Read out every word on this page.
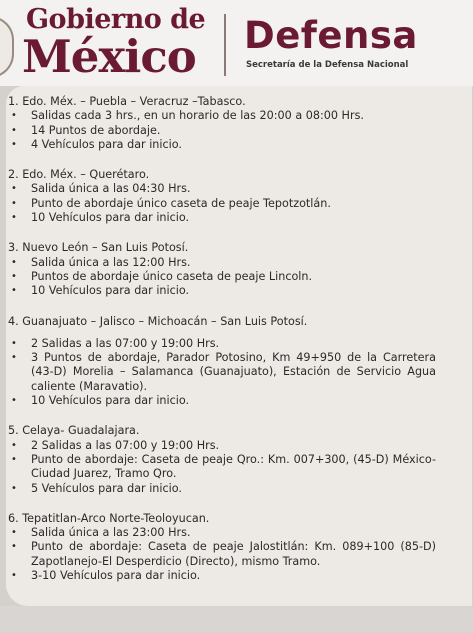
Gobierno de
México Defensa
Secretaría de la Defensa Nacional
1. Edo. Méx. – Puebla – Veracruz –Tabasco.
• Salidas cada 3 hrs., en un horario de las 20:00 a 08:00 Hrs.
• 14 Puntos de abordaje.
• 4 Vehículos para dar inicio.
2. Edo. Méx. – Querétaro.
• Salida única a las 04:30 Hrs.
• Punto de abordaje único caseta de peaje Tepotzotlán.
• 10 Vehículos para dar inicio.
3. Nuevo León – San Luis Potosí.
• Salida única a las 12:00 Hrs.
• Puntos de abordaje único caseta de peaje Lincoln.
• 10 Vehículos para dar inicio.
4. Guanajuato – Jalisco – Michoacán – San Luis Potosí.
• 2 Salidas a las 07:00 y 19:00 Hrs.
• 3 Puntos de abordaje, Parador Potosino, Km 49+950 de la Carretera (43-D) Morelia – Salamanca (Guanajuato), Estación de Servicio Agua caliente (Maravatio).
• 10 Vehículos para dar inicio.
5. Celaya- Guadalajara.
• 2 Salidas a las 07:00 y 19:00 Hrs.
• Punto de abordaje: Caseta de peaje Qro.: Km. 007+300, (45-D) México- Ciudad Juarez, Tramo Qro.
• 5 Vehículos para dar inicio.
6. Tepatitlan-Arco Norte-Teoloyucan.
• Salida única a las 23:00 Hrs.
• Punto de abordaje: Caseta de peaje Jalostitlán: Km. 089+100 (85-D) Zapotlanejo-El Desperdicio (Directo), mismo Tramo.
• 3-10 Vehículos para dar inicio.
